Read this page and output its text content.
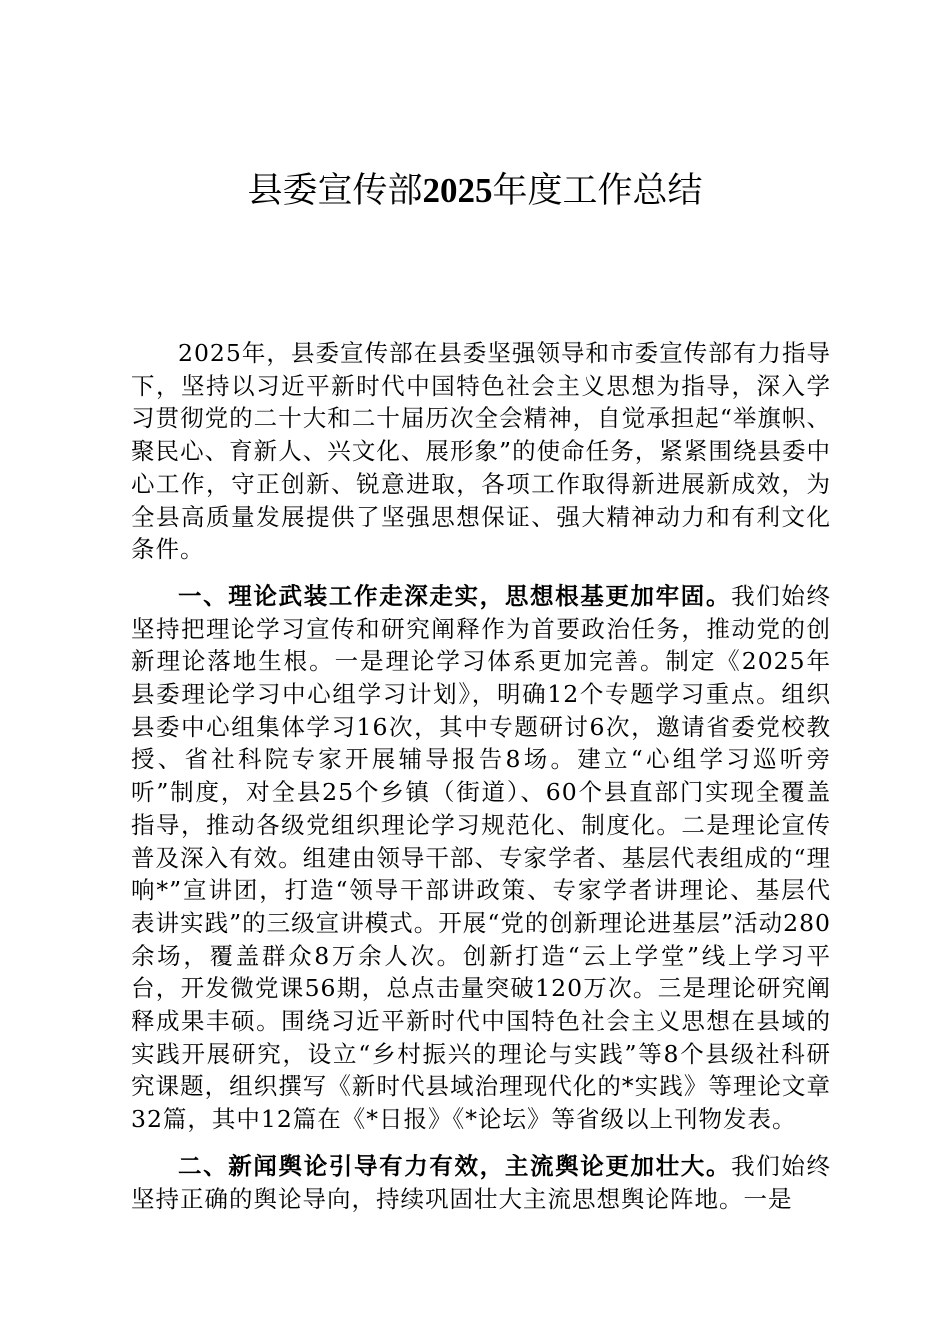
县委宣传部2025年度工作总结

2025年，县委宣传部在县委坚强领导和市委宣传部有力指导下，坚持以习近平新时代中国特色社会主义思想为指导，深入学习贯彻党的二十大和二十届历次全会精神，自觉承担起“举旗帜、聚民心、育新人、兴文化、展形象”的使命任务，紧紧围绕县委中心工作，守正创新、锐意进取，各项工作取得新进展新成效，为全县高质量发展提供了坚强思想保证、强大精神动力和有利文化条件。

一、理论武装工作走深走实，思想根基更加牢固。我们始终坚持把理论学习宣传和研究阐释作为首要政治任务，推动党的创新理论落地生根。一是理论学习体系更加完善。制定《2025年县委理论学习中心组学习计划》，明确12个专题学习重点。组织县委中心组集体学习16次，其中专题研讨6次，邀请省委党校教授、省社科院专家开展辅导报告8场。建立“心组学习巡听旁听”制度，对全县25个乡镇（街道）、60个县直部门实现全覆盖指导，推动各级党组织理论学习规范化、制度化。二是理论宣传普及深入有效。组建由领导干部、专家学者、基层代表组成的“理响*”宣讲团，打造“领导干部讲政策、专家学者讲理论、基层代表讲实践”的三级宣讲模式。开展“党的创新理论进基层”活动280余场，覆盖群众8万余人次。创新打造“云上学堂”线上学习平台，开发微党课56期，总点击量突破120万次。三是理论研究阐释成果丰硕。围绕习近平新时代中国特色社会主义思想在县域的实践开展研究，设立“乡村振兴的理论与实践”等8个县级社科研究课题，组织撰写《新时代县域治理现代化的*实践》等理论文章32篇，其中12篇在《*日报》《*论坛》等省级以上刊物发表。

二、新闻舆论引导有力有效，主流舆论更加壮大。我们始终坚持正确的舆论导向，持续巩固壮大主流思想舆论阵地。一是
